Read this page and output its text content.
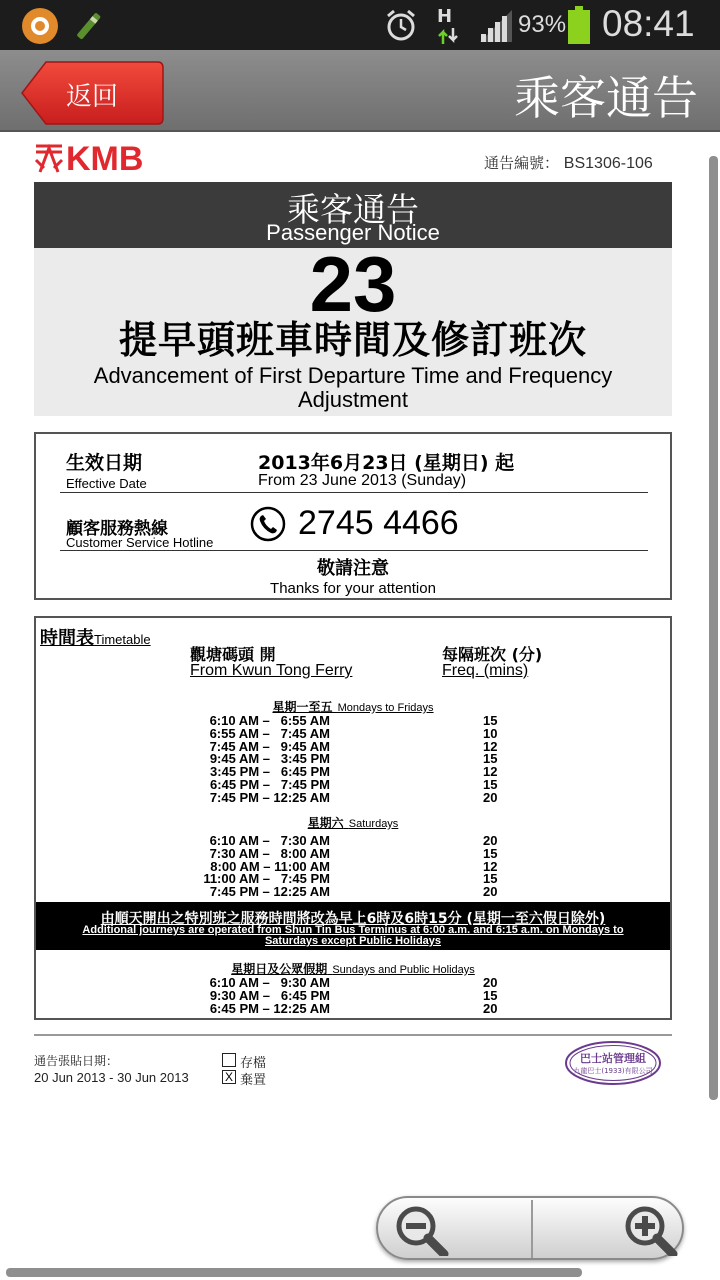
H	93% 08:41
返回	乘客通告
KMB	通告編號： BS1306-106
乘客通告
Passenger Notice
23
提早頭班車時間及修訂班次
Advancement of First Departure Time and Frequency Adjustment
生效日期
Effective Date
2013年6月23日 (星期日) 起
From 23 June 2013 (Sunday)
顧客服務熱線
Customer Service Hotline
2745 4466
敬請注意
Thanks for your attention
時間表Timetable
觀塘碼頭 開
From Kwun Tong Ferry
每隔班次 (分)
Freq. (mins)
星期一至五 Mondays to Fridays
6:10 AM –   6:55 AM	15
6:55 AM –   7:45 AM	10
7:45 AM –   9:45 AM	12
9:45 AM –   3:45 PM	15
3:45 PM –   6:45 PM	12
6:45 PM –   7:45 PM	15
7:45 PM – 12:25 AM	20
星期六 Saturdays
6:10 AM –   7:30 AM	20
7:30 AM –   8:00 AM	15
8:00 AM – 11:00 AM	12
11:00 AM –   7:45 PM	15
7:45 PM – 12:25 AM	20
由順天開出之特別班之服務時間將改為早上6時及6時15分 (星期一至六假日除外)
Additional journeys are operated from Shun Tin Bus Terminus at 6:00 a.m. and 6:15 a.m. on Mondays to Saturdays except Public Holidays
星期日及公眾假期 Sundays and Public Holidays
6:10 AM –   9:30 AM	20
9:30 AM –   6:45 PM	15
6:45 PM – 12:25 AM	20
通告張貼日期：
20 Jun 2013 - 30 Jun 2013
存檔
X 棄置
巴士站管理組
九龍巴士(1933)有限公司
